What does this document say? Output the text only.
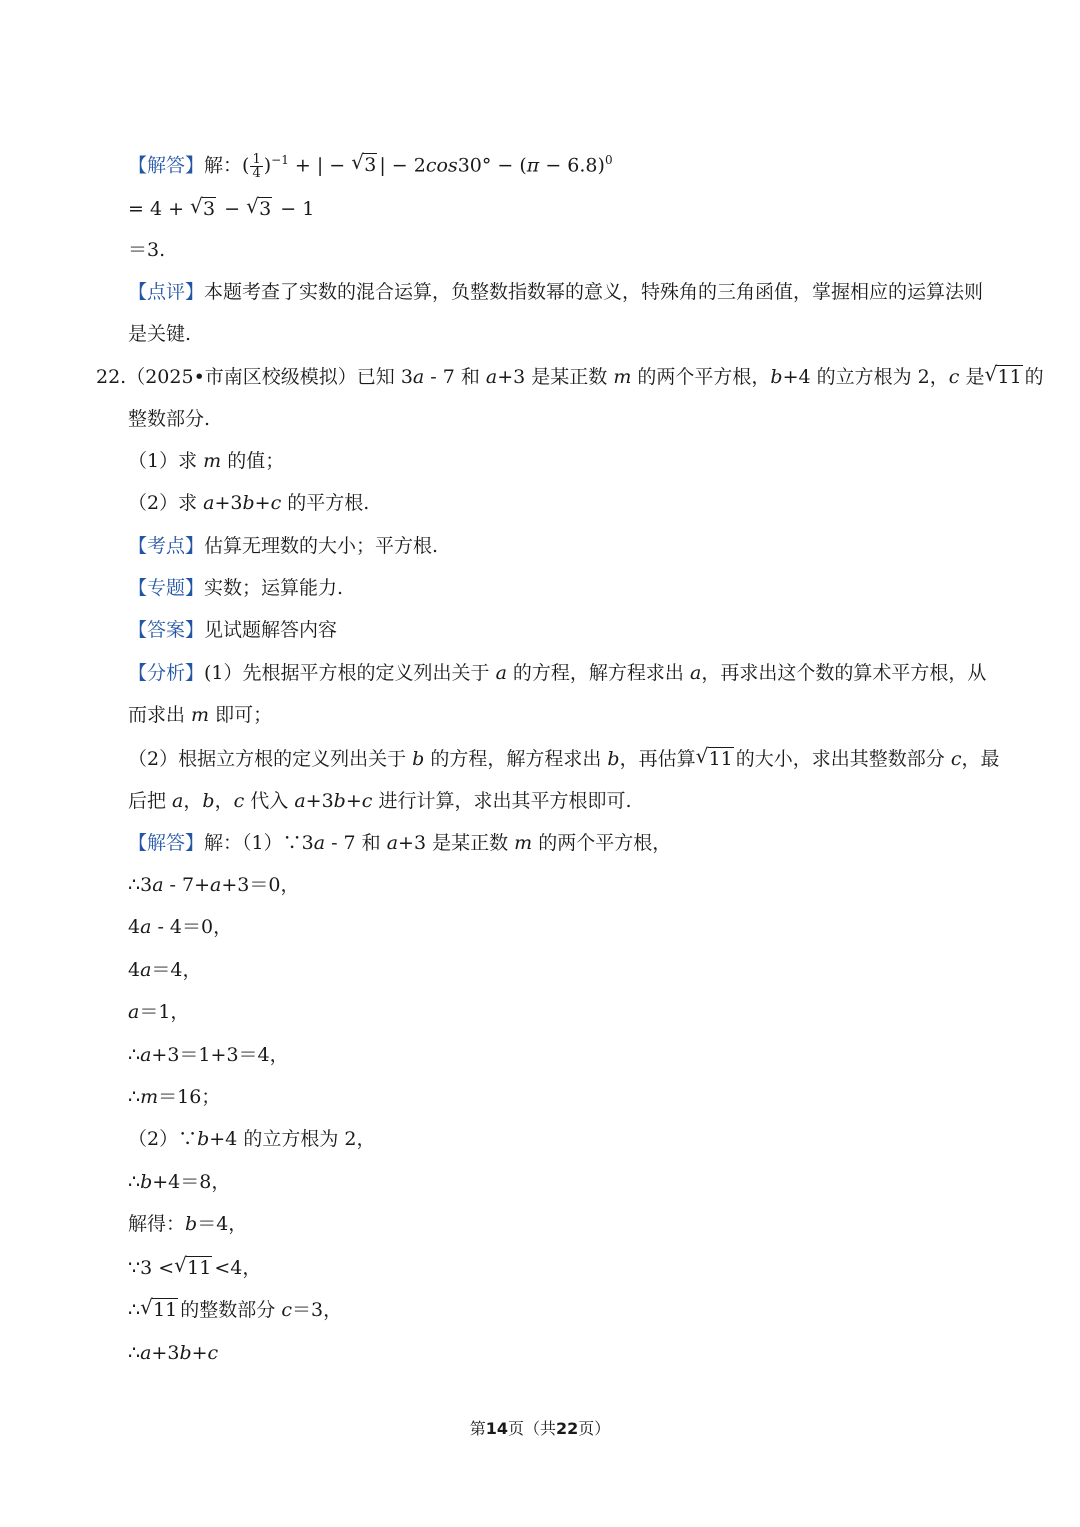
【解答】解：( $\frac{1}{4} )^{-1}$ + | − √ 3 | − $2\cos 30^\circ - (\pi - 6.8)^0$
= 4 + √ 3 − √ 3 − 1
＝3.
【点评】本题考查了实数的混合运算，负整数指数幂的意义，特殊角的三角函值，掌握相应的运算法则
是关键.
22.（2025•市南区校级模拟）已知 3a ‑ 7 和 a+3 是某正数 m 的两个平方根，b+4 的立方根为 2，c 是 √ 11 的
整数部分.
（1）求 m 的值；
（2）求 a+3b+c 的平方根.
【考点】估算无理数的大小；平方根.
【专题】实数；运算能力.
【答案】见试题解答内容
【分析】(1）先根据平方根的定义列出关于 a 的方程，解方程求出 a，再求出这个数的算术平方根，从
而求出 m 即可；
（2）根据立方根的定义列出关于 b 的方程，解方程求出 b，再估算 √ 11 的大小，求出其整数部分 c，最
后把 a，b，c 代入 a+3b+c 进行计算，求出其平方根即可.
【解答】解：（1）∵3a ‑ 7 和 a+3 是某正数 m 的两个平方根，
∴3a ‑ 7+a+3＝0，
4a ‑ 4＝0，
4a＝4，
a＝1，
∴a+3＝1+3＝4，
∴m＝16；
（2）∵b+4 的立方根为 2，
∴b+4＝8，
解得：b＝4，
∵3 < √ 11 <4，
∴ √ 11 的整数部分 c＝3，
∴a+3b+c
第14页（共22页）
